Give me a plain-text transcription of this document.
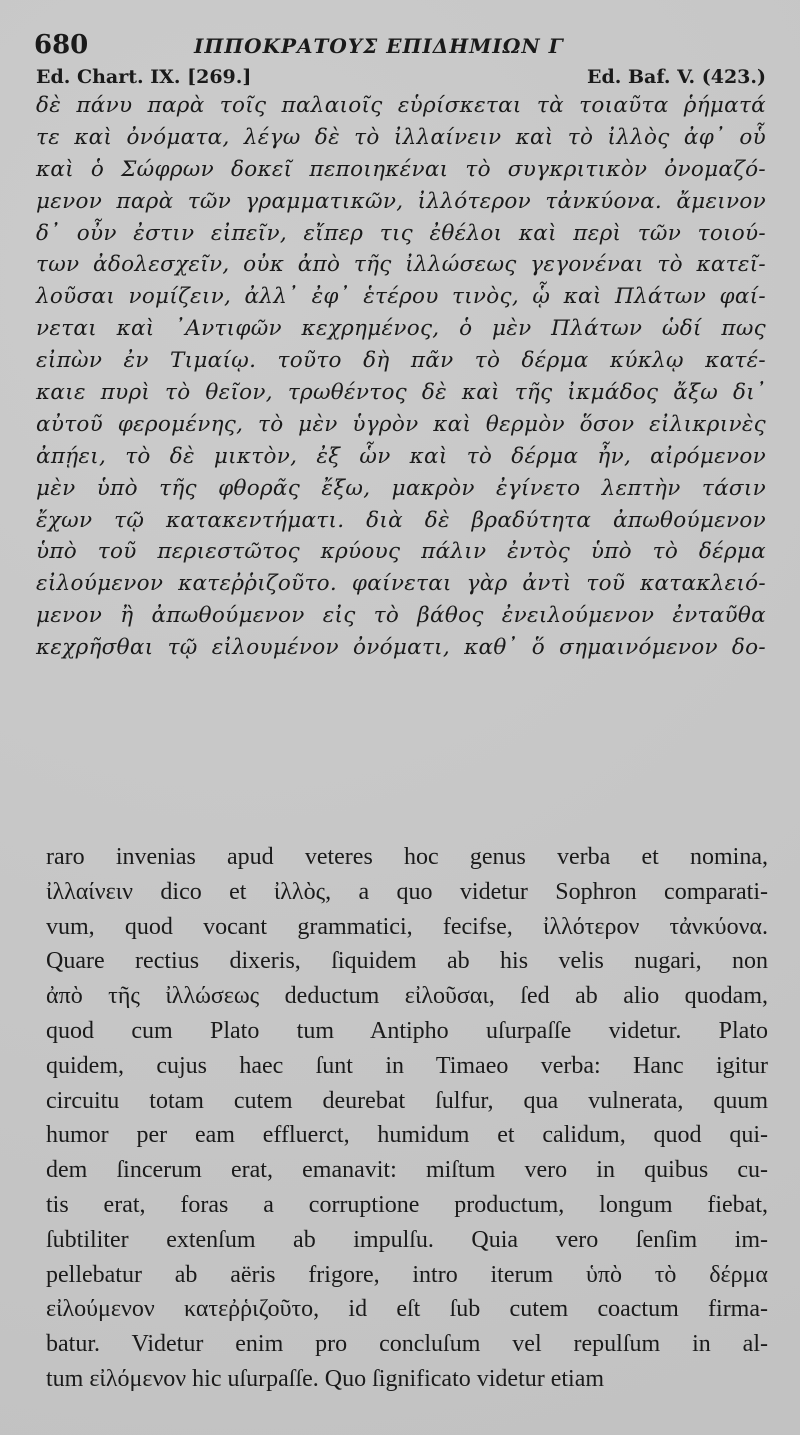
680	ΙΠΠΟΚΡΑΤΟΥΣ ΕΠΙΔΗΜΙΩΝ Γ
Ed. Chart. IX. [269.]	Ed. Baf. V. (423.)
δὲ πάνυ παρὰ τοῖς παλαιοῖς εὑρίσκεται τὰ τοιαῦτα ῥήματά
τε καὶ ὀνόματα, λέγω δὲ τὸ ἰλλαίνειν καὶ τὸ ἰλλὸς ἀφ᾽ οὗ
καὶ ὁ Σώφρων δοκεῖ πεποιηκέναι τὸ συγκριτικὸν ὀνομαζό-
μενον παρὰ τῶν γραμματικῶν, ἰλλότερον τἀνκύονα. ἄμεινον
δ᾽ οὖν ἐστιν εἰπεῖν, εἴπερ τις ἐθέλοι καὶ περὶ τῶν τοιού-
των ἀδολεσχεῖν, οὐκ ἀπὸ τῆς ἰλλώσεως γεγονέναι τὸ κατεῖ-
λοῦσαι νομίζειν, ἀλλ᾽ ἐφ᾽ ἑτέρου τινὸς, ᾧ καὶ Πλάτων φαί-
νεται καὶ ᾽Αντιφῶν κεχρημένος, ὁ μὲν Πλάτων ὡδί πως
εἰπὼν ἐν Τιμαίῳ. τοῦτο δὴ πᾶν τὸ δέρμα κύκλῳ κατέ-
καιε πυρὶ τὸ θεῖον, τρωθέντος δὲ καὶ τῆς ἰκμάδος ἄξω δι᾽
αὐτοῦ φερομένης, τὸ μὲν ὑγρὸν καὶ θερμὸν ὅσον εἰλικρινὲς
ἀπῄει, τὸ δὲ μικτὸν, ἐξ ὧν καὶ τὸ δέρμα ἦν, αἰρόμενον
μὲν ὑπὸ τῆς φθορᾶς ἔξω, μακρὸν ἐγίνετο λεπτὴν τάσιν
ἔχων τῷ κατακεντήματι. διὰ δὲ βραδύτητα ἀπωθούμενον
ὑπὸ τοῦ περιεστῶτος κρύους πάλιν ἐντὸς ὑπὸ τὸ δέρμα
εἰλούμενον κατεῤῥιζοῦτο. φαίνεται γὰρ ἀντὶ τοῦ κατακλειό-
μενον ἢ ἀπωθούμενον εἰς τὸ βάθος ἐνειλούμενον ἐνταῦθα
κεχρῆσθαι τῷ εἰλουμένον ὀνόματι, καθ᾽ ὅ σημαινόμενον δο-
raro invenias apud veteres hoc genus verba et nomina,
ἰλλαίνειν dico et ἰλλὸς, a quo videtur Sophron comparati-
vum, quod vocant grammatici, fecifse, ἰλλότερον τἀνκύονα.
Quare rectius dixeris, ſiquidem ab his velis nugari, non
ἀπὸ τῆς ἰλλώσεως deductum εἰλοῦσαι, ſed ab alio quodam,
quod cum Plato tum Antipho uſurpaſſe videtur. Plato
quidem, cujus haec ſunt in Timaeo verba: Hanc igitur
circuitu totam cutem deurebat ſulfur, qua vulnerata, quum
humor per eam effluerct, humidum et calidum, quod qui-
dem ſincerum erat, emanavit: miſtum vero in quibus cu-
tis erat, foras a corruptione productum, longum fiebat,
ſubtiliter extenſum ab impulſu. Quia vero ſenſim im-
pellebatur ab aëris frigore, intro iterum ὑπὸ τὸ δέρμα
εἰλούμενον κατεῤῥιζοῦτο, id eſt ſub cutem coactum firma-
batur. Videtur enim pro concluſum vel repulſum in al-
tum εἰλόμενον hic uſurpaſſe. Quo ſignificato videtur etiam
